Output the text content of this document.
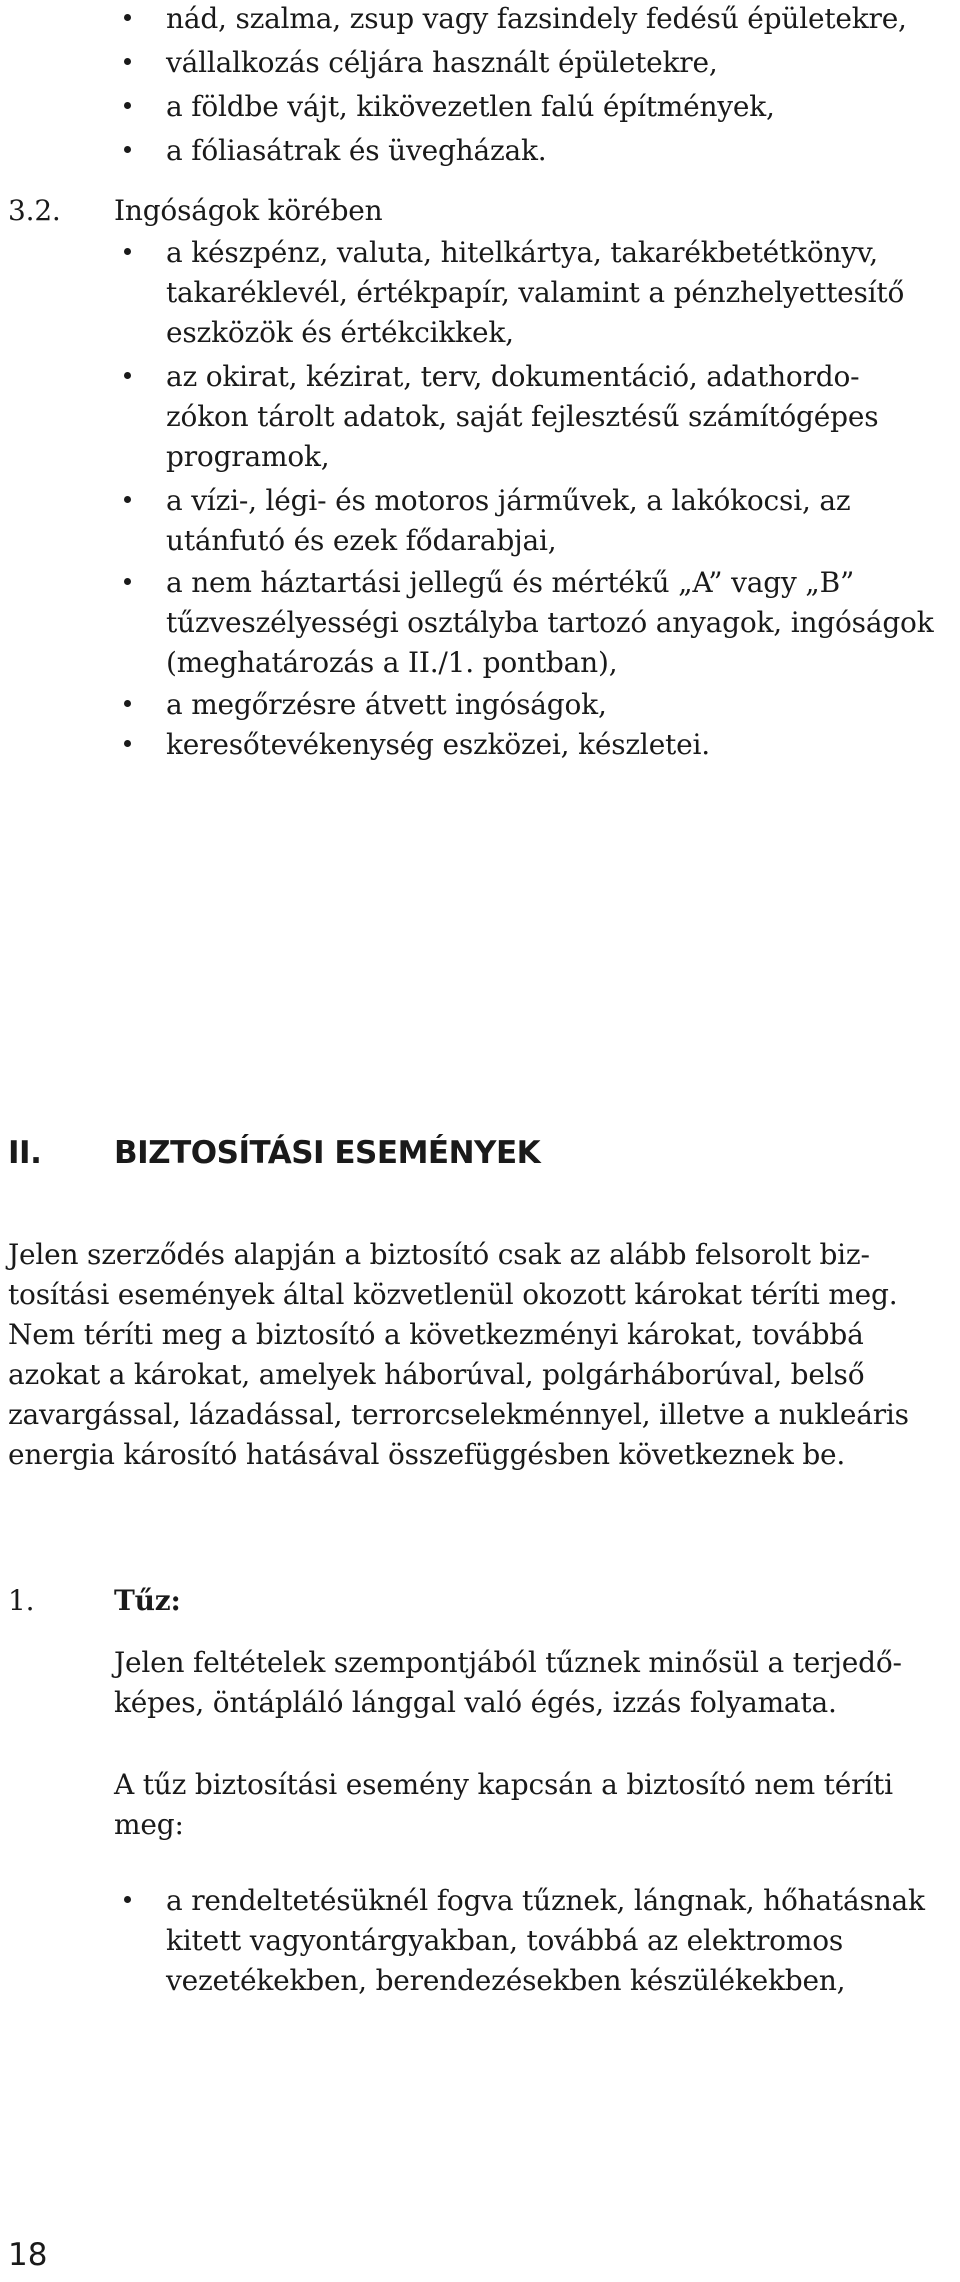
nád, szalma, zsup vagy fazsindely fedésű épületekre,
vállalkozás céljára használt épületekre,
a földbe vájt, kikövezetlen falú építmények,
a fóliasátrak és üvegházak.
3.2. Ingóságok körében
a készpénz, valuta, hitelkártya, takarékbetétkönyv,
takaréklevél, értékpapír, valamint a pénzhelyettesítő
eszközök és értékcikkek,
az okirat, kézirat, terv, dokumentáció, adathordo-
zókon tárolt adatok, saját fejlesztésű számítógépes
programok,
a vízi-, légi- és motoros járművek, a lakókocsi, az
utánfutó és ezek fődarabjai,
a nem háztartási jellegű és mértékű „A” vagy „B”
tűzveszélyességi osztályba tartozó anyagok, ingóságok
(meghatározás a II./1. pontban),
a megőrzésre átvett ingóságok,
keresőtevékenység eszközei, készletei.
II. BIZTOSÍTÁSI ESEMÉNYEK
Jelen szerződés alapján a biztosító csak az alább felsorolt biz-
tosítási események által közvetlenül okozott károkat téríti meg.
Nem téríti meg a biztosító a következményi károkat, továbbá
azokat a károkat, amelyek háborúval, polgárháborúval, belső
zavargással, lázadással, terrorcselekménnyel, illetve a nukleáris
energia károsító hatásával összefüggésben következnek be.
1.	Tűz:
Jelen feltételek szempontjából tűznek minősül a terjedő-
képes, öntápláló lánggal való égés, izzás folyamata.
A tűz biztosítási esemény kapcsán a biztosító nem téríti
meg:
a rendeltetésüknél fogva tűznek, lángnak, hőhatásnak
kitett vagyontárgyakban, továbbá az elektromos
vezetékekben, berendezésekben készülékekben,
18
